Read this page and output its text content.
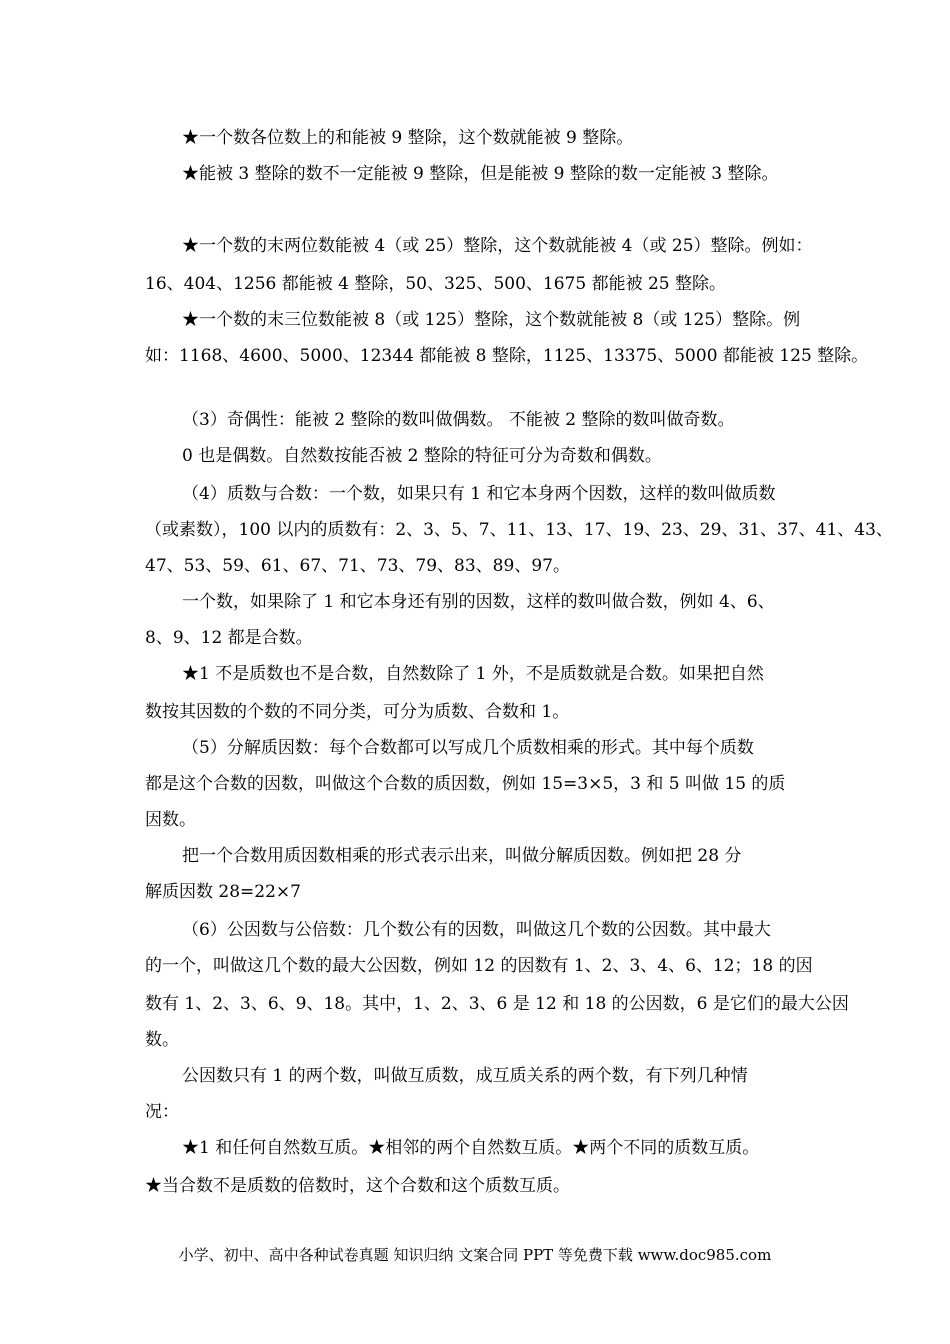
★一个数各位数上的和能被 9 整除，这个数就能被 9 整除。

★能被 3 整除的数不一定能被 9 整除，但是能被 9 整除的数一定能被 3 整除。

★一个数的末两位数能被 4（或 25）整除，这个数就能被 4（或 25）整除。例如：

16、404、1256 都能被 4 整除，50、325、500、1675 都能被 25 整除。

★一个数的末三位数能被 8（或 125）整除，这个数就能被 8（或 125）整除。例

如：1168、4600、5000、12344 都能被 8 整除，1125、13375、5000 都能被 125 整除。

（3）奇偶性：能被 2 整除的数叫做偶数。 不能被 2 整除的数叫做奇数。

0 也是偶数。自然数按能否被 2 整除的特征可分为奇数和偶数。

（4）质数与合数：一个数，如果只有 1 和它本身两个因数，这样的数叫做质数

（或素数），100 以内的质数有：2、3、5、7、11、13、17、19、23、29、31、37、41、43、

47、53、59、61、67、71、73、79、83、89、97。

一个数，如果除了 1 和它本身还有别的因数，这样的数叫做合数，例如 4、6、

8、9、12 都是合数。

★1 不是质数也不是合数，自然数除了 1 外，不是质数就是合数。如果把自然

数按其因数的个数的不同分类，可分为质数、合数和 1。

（5）分解质因数：每个合数都可以写成几个质数相乘的形式。其中每个质数

都是这个合数的因数，叫做这个合数的质因数，例如 15=3×5，3 和 5 叫做 15 的质

因数。

把一个合数用质因数相乘的形式表示出来，叫做分解质因数。例如把 28 分

解质因数 28=22×7

（6）公因数与公倍数：几个数公有的因数，叫做这几个数的公因数。其中最大

的一个，叫做这几个数的最大公因数，例如 12 的因数有 1、2、3、4、6、12；18 的因

数有 1、2、3、6、9、18。其中，1、2、3、6 是 12 和 18 的公因数，6 是它们的最大公因

数。

公因数只有 1 的两个数，叫做互质数，成互质关系的两个数，有下列几种情

况：

★1 和任何自然数互质。★相邻的两个自然数互质。★两个不同的质数互质。

★当合数不是质数的倍数时，这个合数和这个质数互质。

小学、初中、高中各种试卷真题 知识归纳 文案合同 PPT 等免费下载 www.doc985.com
